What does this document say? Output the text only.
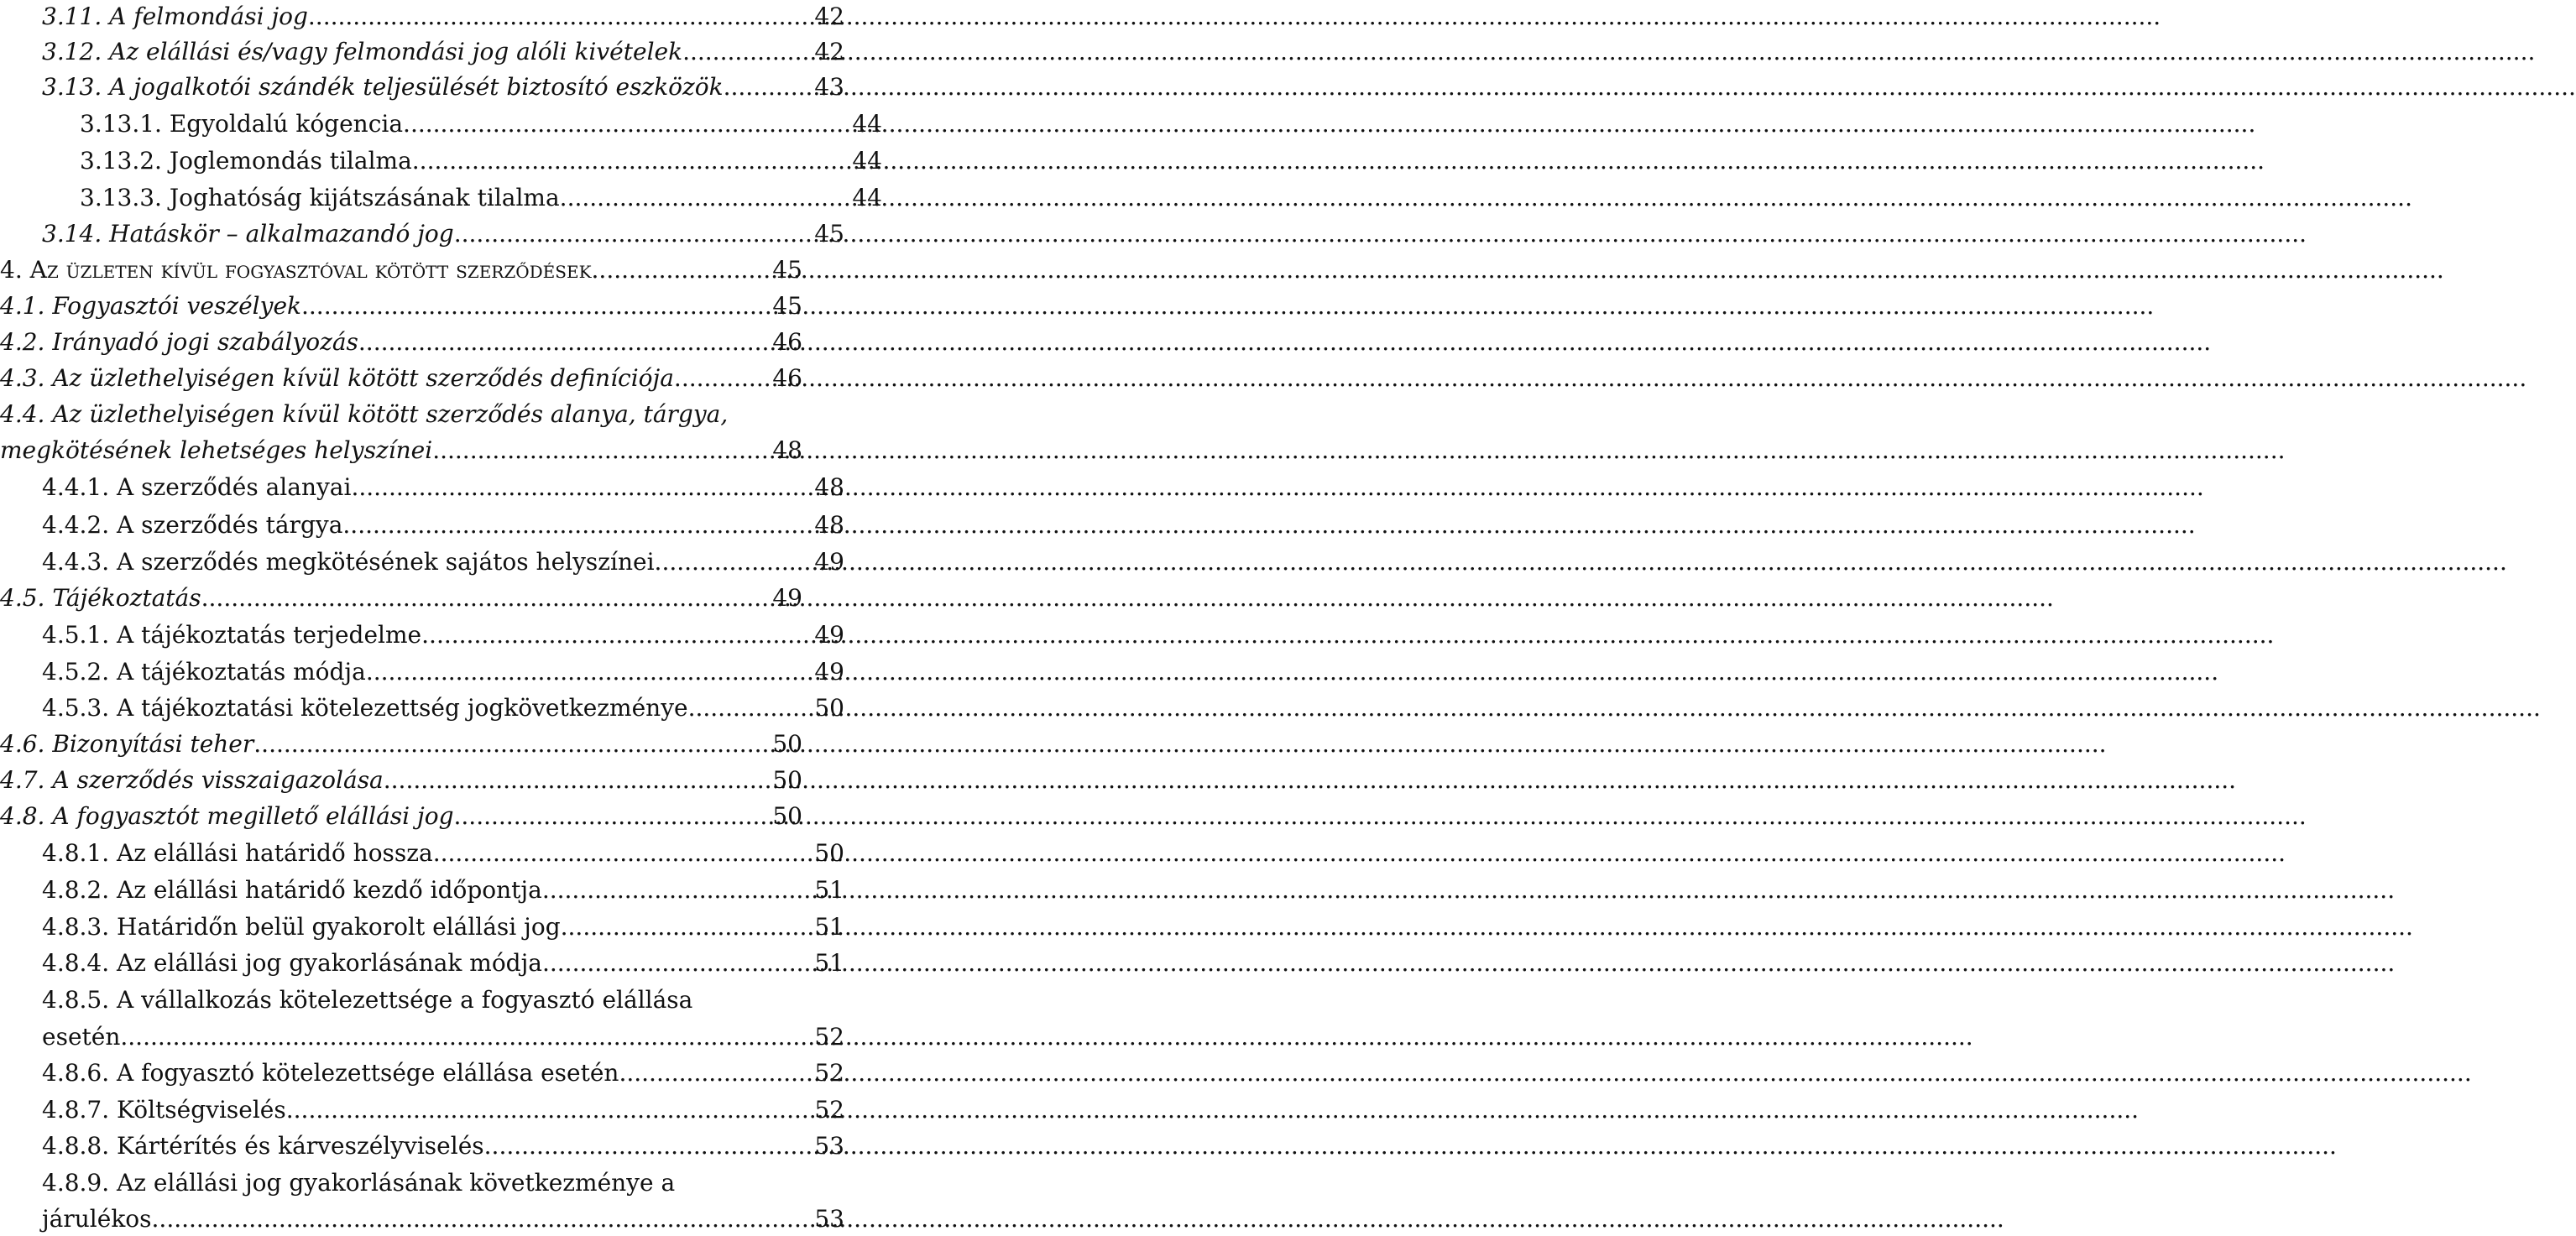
3.11. A felmondási jog .....	42
3.12. Az elállási és/vagy felmondási jog alóli kivételek .....	42
3.13. A jogalkotói szándék teljesülését biztosító eszközök .....	43
3.13.1. Egyoldalú kógencia .....	44
3.13.2. Joglemondás tilalma .....	44
3.13.3. Joghatóság kijátszásának tilalma .....	44
3.14. Hatáskör – alkalmazandó jog .....	45
4. Az üzleten kívül fogyasztóval kötött szerződések .....	45
4.1. Fogyasztói veszélyek .....	45
4.2. Irányadó jogi szabályozás .....	46
4.3. Az üzlethelyiségen kívül kötött szerződés definíciója .....	46
4.4. Az üzlethelyiségen kívül kötött szerződés alanya, tárgya,
megkötésének lehetséges helyszínei .....	48
4.4.1. A szerződés alanyai .....	48
4.4.2. A szerződés tárgya .....	48
4.4.3. A szerződés megkötésének sajátos helyszínei .....	49
4.5. Tájékoztatás .....	49
4.5.1. A tájékoztatás terjedelme .....	49
4.5.2. A tájékoztatás módja .....	49
4.5.3. A tájékoztatási kötelezettség jogkövetkezménye .....	50
4.6. Bizonyítási teher .....	50
4.7. A szerződés visszaigazolása .....	50
4.8. A fogyasztót megillető elállási jog .....	50
4.8.1. Az elállási határidő hossza .....	50
4.8.2. Az elállási határidő kezdő időpontja .....	51
4.8.3. Határidőn belül gyakorolt elállási jog .....	51
4.8.4. Az elállási jog gyakorlásának módja .....	51
4.8.5. A vállalkozás kötelezettsége a fogyasztó elállása
esetén .....	52
4.8.6. A fogyasztó kötelezettsége elállása esetén .....	52
4.8.7. Költségviselés .....	52
4.8.8. Kártérítés és kárveszélyviselés .....	53
4.8.9. Az elállási jog gyakorlásának következménye a
járulékos .....	53
